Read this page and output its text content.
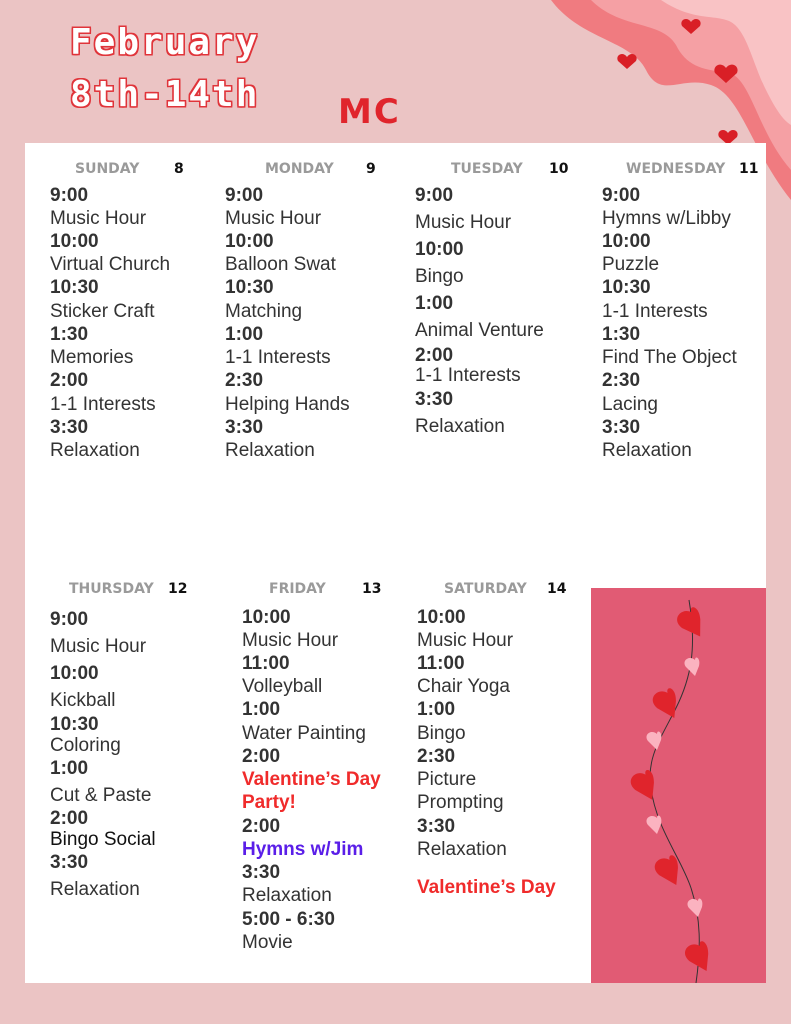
February
8th-14th MC
SUNDAY 8
9:00
Music Hour
10:00
Virtual Church
10:30
Sticker Craft
1:30
Memories
2:00
1-1 Interests
3:30
Relaxation
MONDAY 9
9:00
Music Hour
10:00
Balloon Swat
10:30
Matching
1:00
1-1 Interests
2:30
Helping Hands
3:30
Relaxation
TUESDAY 10
9:00
Music Hour
10:00
Bingo
1:00
Animal Venture
2:00
1-1 Interests
3:30
Relaxation
WEDNESDAY 11
9:00
Hymns w/Libby
10:00
Puzzle
10:30
1-1 Interests
1:30
Find The Object
2:30
Lacing
3:30
Relaxation
THURSDAY 12
9:00
Music Hour
10:00
Kickball
10:30
Coloring
1:00
Cut & Paste
2:00
Bingo Social
3:30
Relaxation
FRIDAY	13
10:00
Music Hour
11:00
Volleyball
1:00
Water Painting
2:00
Valentine’s Day
Party!
2:00
Hymns w/Jim
3:30
Relaxation
5:00 - 6:30
Movie
SATURDAY 14
10:00
Music Hour
11:00
Chair Yoga
1:00
Bingo
2:30
Picture
Prompting
3:30
Relaxation
Valentine’s Day
